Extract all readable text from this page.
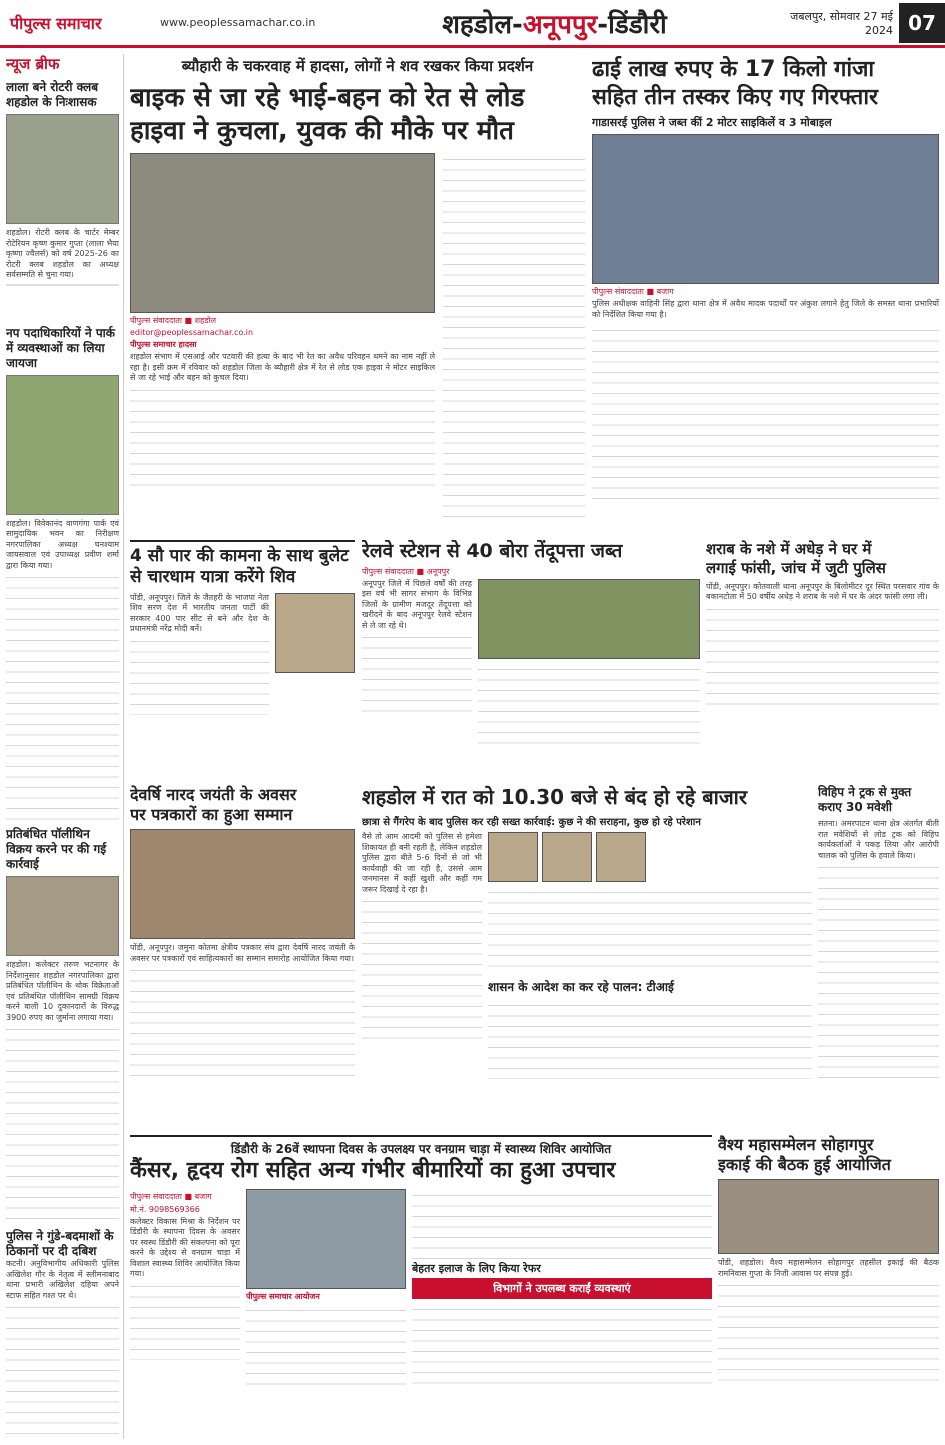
पीपुल्स समाचार	www.peoplessamachar.co.in	शहडोल-अनूपपुर-डिंडौरी	जबलपुर, सोमवार 27 मई 2024 07
न्यूज ब्रीफ
लाला बने रोटरी क्लब शहडोल के निःशासक
शहडोल। रोटरी क्लब के चार्टर मेम्बर रोटेरियन कृष्ण कुमार गुप्ता (लाला भैया कृष्णा ज्वैलर्स) को वर्ष 2025-26 का रोटरी क्लब शहडोल का अध्यक्ष सर्वसम्मति से चुना गया।
नप पदाधिकारियों ने पार्क में व्यवस्थाओं का लिया जायजा
शहडोल। विवेकानंद वाणगंगा पार्क एवं सामुदायिक भवन का निरीक्षण नगरपालिका अध्यक्ष घनश्याम जायसवाल एवं उपाध्यक्ष प्रवीण शर्मा द्वारा किया गया।
प्रतिबंधित पॉलीथिन विक्रय करने पर की गई कार्रवाई
शहडोल। कलेक्टर तरुण भटनागर के निर्देशानुसार शहडोल नगरपालिका द्वारा प्रतिबंधित पॉलीथिन के थोक विक्रेताओं एवं प्रतिबंधित पॉलीथिन सामग्री विक्रय करने वाली 10 दुकानदारों के विरुद्ध 3900 रुपए का जुर्माना लगाया गया।
पुलिस ने गुंडे-बदमाशों के ठिकानों पर दी दबिश
कटनी। अनुविभागीय अधिकारी पुलिस अखिलेश गौर के नेतृत्व में स्लीमनाबाद थाना प्रभारी अखिलेश दहिया अपने स्टाफ सहित गश्त पर थे।
ब्यौहारी के चकरवाह में हादसा, लोगों ने शव रखकर किया प्रदर्शन
बाइक से जा रहे भाई-बहन को रेत से लोड
हाइवा ने कुचला, युवक की मौके पर मौत
पीपुल्स संवाददाता ■ शहडोल
editor@peoplessamachar.co.in
पीपुल्स समाचार हादसा
शहडोल संभाग में एसआई और पटवारी की हत्या के बाद भी रेत का अवैध परिवहन थमने का नाम नहीं ले रहा है। इसी क्रम में रविवार को शहडोल जिला के ब्यौहारी क्षेत्र में रेत से लोड एक हाइवा ने मोटर साइकिल से जा रहे भाई और बहन को कुचल दिया।
ढाई लाख रुपए के 17 किलो गांजा
सहित तीन तस्कर किए गए गिरफ्तार
गाडासरई पुलिस ने जब्त कीं 2 मोटर साइकिलें व 3 मोबाइल
पीपुल्स संवाददाता ■ बजाग
पुलिस अधीक्षक वाहिनी सिंह द्वारा थाना क्षेत्र में अवैध मादक पदार्थों पर अंकुश लगाने हेतु जिले के समस्त थाना प्रभारियों को निर्देशित किया गया है।
4 सौ पार की कामना के साथ बुलेट
से चारधाम यात्रा करेंगे शिव
पोंडी, अनूपपुर। जिले के जैतहरी के भाजपा नेता शिव सरण देश में भारतीय जनता पार्टी की सरकार 400 पार सीट से बने और देश के प्रधानमंत्री नरेंद्र मोदी बनें।
रेलवे स्टेशन से 40 बोरा तेंदूपत्ता जब्त
पीपुल्स संवाददाता ■ अनूपपुर
अनूपपुर जिले में पिछले वर्षों की तरह इस वर्ष भी सागर संभाग के विभिन्न जिलों के ग्रामीण मजदूर तेंदूपत्ता को खरीदने के बाद अनूपपुर रेलवे स्टेशन से ले जा रहे थे।
शराब के नशे में अधेड़ ने घर में
लगाई फांसी, जांच में जुटी पुलिस
पोंडी, अनूपपुर। कोतवाली थाना अनूपपुर के बिलोमीटर दूर स्थित परसवार गांव के बकानटोला में 50 वर्षीय अधेड़ ने शराब के नशे में घर के अंदर फांसी लगा ली।
देवर्षि नारद जयंती के अवसर
पर पत्रकारों का हुआ सम्मान
पोंडी, अनूपपुर। जमुना कोतमा क्षेत्रीय पत्रकार संघ द्वारा देवर्षि नारद जयंती के अवसर पर पत्रकारों एवं साहित्यकारों का सम्मान समारोह आयोजित किया गया।
शहडोल में रात को 10.30 बजे से बंद हो रहे बाजार
छात्रा से गैंगरेप के बाद पुलिस कर रही सख्त कार्रवाई: कुछ ने की सराहना, कुछ हो रहे परेशान
वैसे तो आम आदमी को पुलिस से हमेशा शिकायत ही बनी रहती है, लेकिन शहडोल पुलिस द्वारा बीते 5-6 दिनों से जो भी कार्यवाही की जा रही है, उससे आम जनमानस में कहीं खुशी और कहीं गम जरूर दिखाई दे रहा है।
शासन के आदेश का कर रहे पालन: टीआई
विहिप ने ट्रक से मुक्त कराए 30 मवेशी
सतना। अमरपाटन थाना क्षेत्र अंतर्गत बीती रात मवेशियों से लोड ट्रक को विहिप कार्यकर्ताओं ने पकड़ लिया और आरोपी चालक को पुलिस के हवाले किया।
डिंडौरी के 26वें स्थापना दिवस के उपलक्ष्य पर वनग्राम चाड़ा में स्वास्थ्य शिविर आयोजित
कैंसर, हृदय रोग सहित अन्य गंभीर बीमारियों का हुआ उपचार
पीपुल्स संवाददाता ■ बजाग
मो.नं. 9098569366
कलेक्टर विकास मिश्रा के निर्देशन पर डिंडौरी के स्थापना दिवस के अवसर पर स्वस्थ डिंडौरी की संकल्पना को पूरा करने के उद्देश्य से वनग्राम चाड़ा में विशाल स्वास्थ्य शिविर आयोजित किया गया।
पीपुल्स समाचार आयोजन
बेहतर इलाज के लिए किया रेफर
विभागों ने उपलब्ध कराईं व्यवस्थाएं
वैश्य महासम्मेलन सोहागपुर
इकाई की बैठक हुई आयोजित
पोंडी, शहडोल। वैश्य महासम्मेलन सोहागपुर तहसील इकाई की बैठक रामनिवास गुप्ता के निजी आवास पर संपन्न हुई।
